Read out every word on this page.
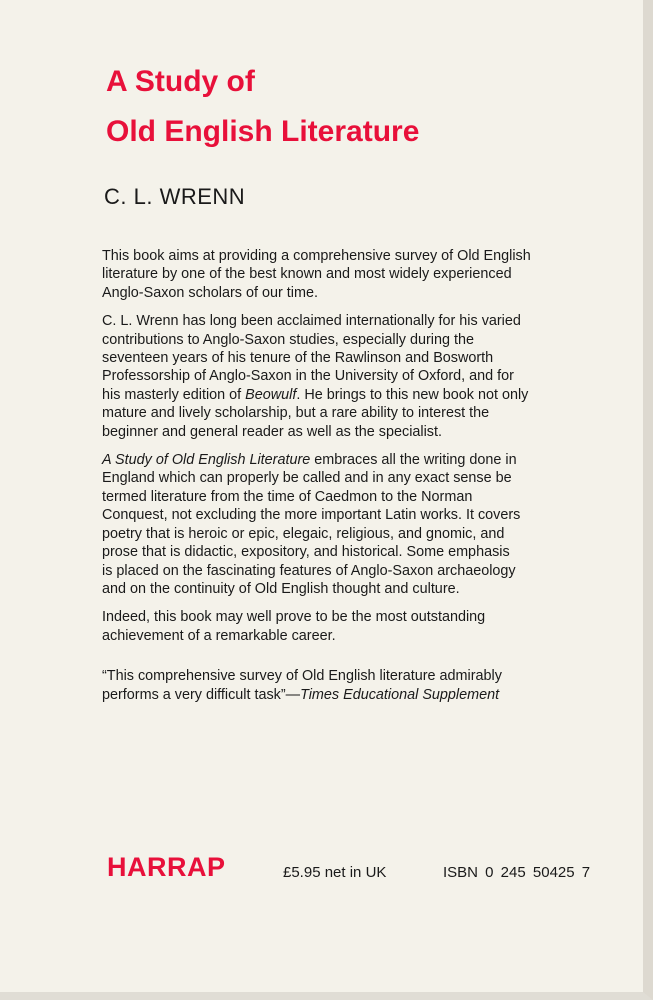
A Study of
Old English Literature
C. L. WRENN

This book aims at providing a comprehensive survey of Old English
literature by one of the best known and most widely experienced
Anglo-Saxon scholars of our time.

C. L. Wrenn has long been acclaimed internationally for his varied
contributions to Anglo-Saxon studies, especially during the
seventeen years of his tenure of the Rawlinson and Bosworth
Professorship of Anglo-Saxon in the University of Oxford, and for
his masterly edition of Beowulf. He brings to this new book not only
mature and lively scholarship, but a rare ability to interest the
beginner and general reader as well as the specialist.

A Study of Old English Literature embraces all the writing done in
England which can properly be called and in any exact sense be
termed literature from the time of Caedmon to the Norman
Conquest, not excluding the more important Latin works. It covers
poetry that is heroic or epic, elegaic, religious, and gnomic, and
prose that is didactic, expository, and historical. Some emphasis
is placed on the fascinating features of Anglo-Saxon archaeology
and on the continuity of Old English thought and culture.

Indeed, this book may well prove to be the most outstanding
achievement of a remarkable career.

“This comprehensive survey of Old English literature admirably
performs a very difficult task”—Times Educational Supplement

HARRAP	£5.95 net in UK	ISBN 0 245 50425 7
